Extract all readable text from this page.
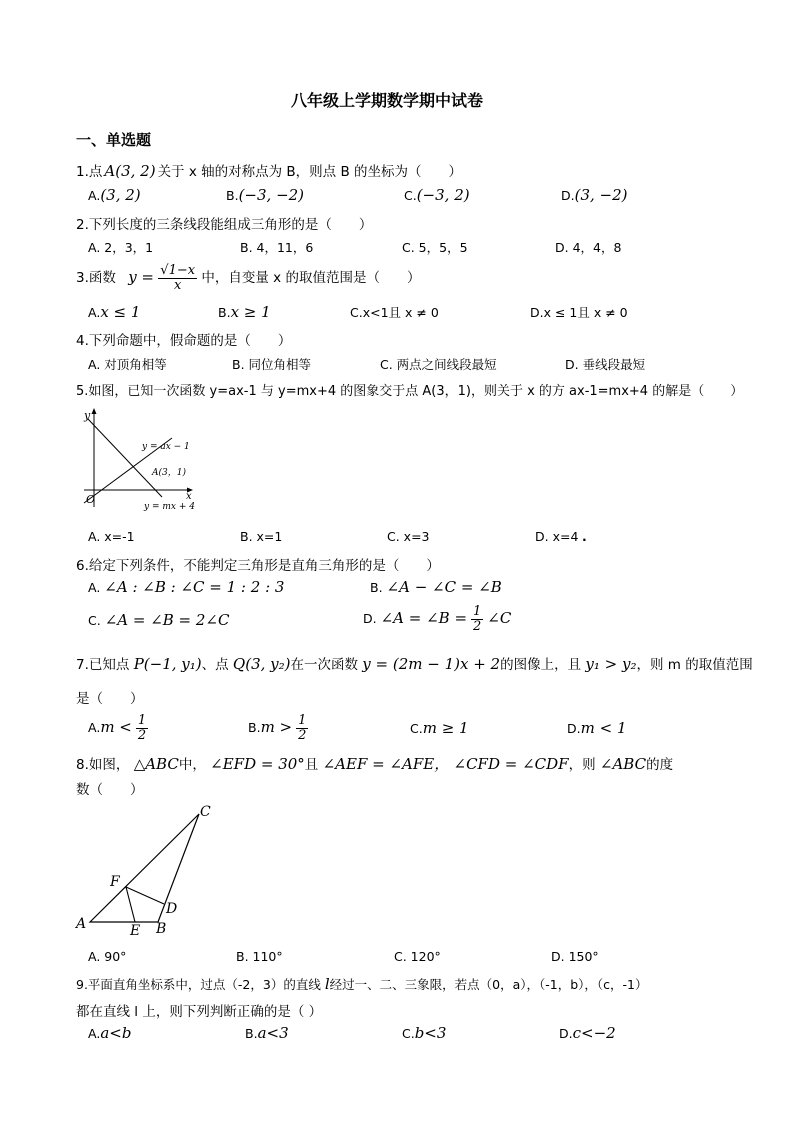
八年级上学期数学期中试卷
一、单选题
1.点 A(3, 2) 关于 x 轴的对称点为 B，则点 B 的坐标为（　　）
A.(3, 2)	B.(−3, −2)	C.(−3, 2)	D.(3, −2)
2.下列长度的三条线段能组成三角形的是（　　）
A. 2，3，1	B. 4，11，6	C. 5，5，5	D. 4，4，8
3.函数 $y = \frac{√1-x}{x}$ 中，自变量 x 的取值范围是（　　）
A.x ≤ 1	B.x ≥ 1	C.x<1且 x ≠ 0	D.x ≤ 1且 x ≠ 0
4.下列命题中，假命题的是（　　）
A. 对顶角相等	B. 同位角相等	C. 两点之间线段最短	D. 垂线段最短
5.如图，已知一次函数 y=ax-1 与 y=mx+4 的图象交于点 A(3，1)，则关于 x 的方 ax-1=mx+4 的解是（　　）
y
x
O
y = ax − 1
A(3，1)
y = mx + 4
A. x=-1	B. x=1	C. x=3	D. x=4 .
6.给定下列条件，不能判定三角形是直角三角形的是（　　）
A. ∠A : ∠B : ∠C = 1 : 2 : 3	B. ∠A − ∠C = ∠B
C. ∠A = ∠B = 2∠C	D. ∠A = ∠B = $\frac{1}{2}$ ∠C
7.已知点 P(−1, y₁)、点 Q(3, y₂)在一次函数 y = (2m − 1)x + 2的图像上，且 y₁ > y₂，则 m 的取值范围
是（　　）
$A.m < \frac{1}{2}$	$B.m > \frac{1}{2}$	C.m ≥ 1	D.m < 1
8.如图， △ABC中， ∠EFD = 30°且 ∠AEF = ∠AFE， ∠CFD = ∠CDF，则 ∠ABC的度
数（　　）
A	B
C
D
E
F
A. 90°	B. 110°	C. 120°	D. 150°
9.平面直角坐标系中，过点（-2，3）的直线 l经过一、二、三象限，若点（0，a），（-1，b），（c，-1）
都在直线 l 上，则下列判断正确的是（ ）
A.a<b	B.a<3	C.b<3	D.c<−2
